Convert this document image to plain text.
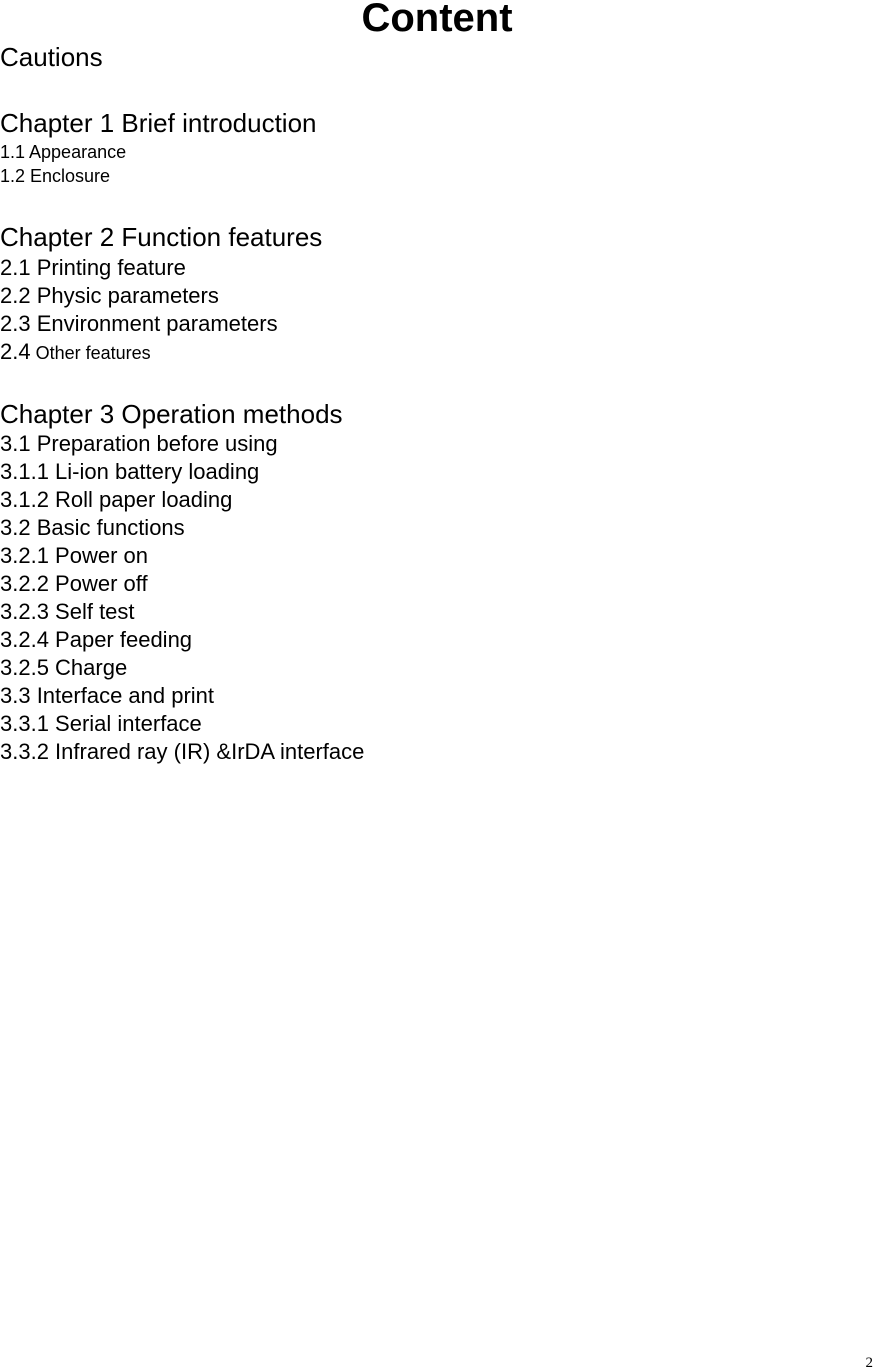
Content
Cautions
Chapter 1 Brief introduction
1.1 Appearance
1.2 Enclosure
Chapter 2 Function features
2.1 Printing feature
2.2 Physic parameters
2.3 Environment parameters
2.4 Other features
Chapter 3 Operation methods
3.1 Preparation before using
3.1.1 Li-ion battery loading
3.1.2 Roll paper loading
3.2 Basic functions
3.2.1 Power on
3.2.2 Power off
3.2.3 Self test
3.2.4 Paper feeding
3.2.5 Charge
3.3 Interface and print
3.3.1 Serial interface
3.3.2 Infrared ray (IR) &IrDA interface
2
